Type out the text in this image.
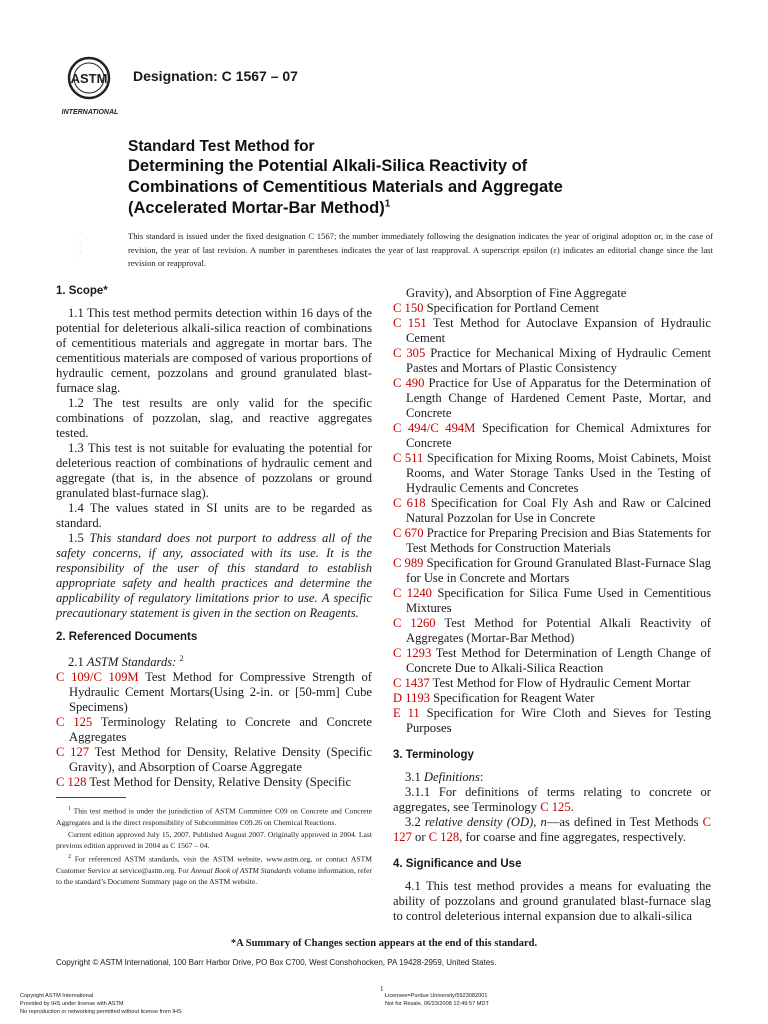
ASTM
INTERNATIONAL
Designation: C 1567 – 07
Standard Test Method for
Determining the Potential Alkali-Silica Reactivity of
Combinations of Cementitious Materials and Aggregate
(Accelerated Mortar-Bar Method)$^1$
· · · · · · ·
This standard is issued under the fixed designation C 1567; the number immediately following the designation indicates the year of original adoption or, in the case of revision, the year of last revision. A number in parentheses indicates the year of last reapproval. A superscript epsilon (ε) indicates an editorial change since the last revision or reapproval.

1. Scope*

1.1 This test method permits detection within 16 days of the potential for deleterious alkali-silica reaction of combinations of cementitious materials and aggregate in mortar bars. The cementitious materials are composed of various proportions of hydraulic cement, pozzolans and ground granulated blast-furnace slag.

1.2 The test results are only valid for the specific combinations of pozzolan, slag, and reactive aggregates tested.

1.3 This test is not suitable for evaluating the potential for deleterious reaction of combinations of hydraulic cement and aggregate (that is, in the absence of pozzolans or ground granulated blast-furnace slag).

1.4 The values stated in SI units are to be regarded as standard.

1.5 This standard does not purport to address all of the safety concerns, if any, associated with its use. It is the responsibility of the user of this standard to establish appropriate safety and health practices and determine the applicability of regulatory limitations prior to use. A specific precautionary statement is given in the section on Reagents.

2. Referenced Documents

2.1 ASTM Standards: $^2$

C 109/C 109M Test Method for Compressive Strength of Hydraulic Cement Mortars(Using 2-in. or [50-mm] Cube Specimens)

C 125 Terminology Relating to Concrete and Concrete Aggregates

C 127 Test Method for Density, Relative Density (Specific Gravity), and Absorption of Coarse Aggregate

C 128 Test Method for Density, Relative Density (Specific

$^1$ This test method is under the jurisdiction of ASTM Committee C09 on Concrete and Concrete Aggregates and is the direct responsibility of Subcommittee C09.26 on Chemical Reactions.

Current edition approved July 15, 2007. Published August 2007. Originally approved in 2004. Last previous edition approved in 2004 as C 1567 – 04.

$^2$ For referenced ASTM standards, visit the ASTM website, www.astm.org, or contact ASTM Customer Service at service@astm.org. For Annual Book of ASTM Standards volume information, refer to the standard’s Document Summary page on the ASTM website.

Gravity), and Absorption of Fine Aggregate

C 150 Specification for Portland Cement

C 151 Test Method for Autoclave Expansion of Hydraulic Cement

C 305 Practice for Mechanical Mixing of Hydraulic Cement Pastes and Mortars of Plastic Consistency

C 490 Practice for Use of Apparatus for the Determination of Length Change of Hardened Cement Paste, Mortar, and Concrete

C 494/C 494M Specification for Chemical Admixtures for Concrete

C 511 Specification for Mixing Rooms, Moist Cabinets, Moist Rooms, and Water Storage Tanks Used in the Testing of Hydraulic Cements and Concretes

C 618 Specification for Coal Fly Ash and Raw or Calcined Natural Pozzolan for Use in Concrete

C 670 Practice for Preparing Precision and Bias Statements for Test Methods for Construction Materials

C 989 Specification for Ground Granulated Blast-Furnace Slag for Use in Concrete and Mortars

C 1240 Specification for Silica Fume Used in Cementitious Mixtures

C 1260 Test Method for Potential Alkali Reactivity of Aggregates (Mortar-Bar Method)

C 1293 Test Method for Determination of Length Change of Concrete Due to Alkali-Silica Reaction

C 1437 Test Method for Flow of Hydraulic Cement Mortar

D 1193 Specification for Reagent Water

E 11 Specification for Wire Cloth and Sieves for Testing Purposes

3. Terminology

3.1 Definitions:

3.1.1 For definitions of terms relating to concrete or aggregates, see Terminology C 125.

3.2 relative density (OD), n—as defined in Test Methods C 127 or C 128, for coarse and fine aggregates, respectively.

4. Significance and Use

4.1 This test method provides a means for evaluating the ability of pozzolans and ground granulated blast-furnace slag to control deleterious internal expansion due to alkali-silica

*A Summary of Changes section appears at the end of this standard.
Copyright © ASTM International, 100 Barr Harbor Drive, PO Box C700, West Conshohocken, PA 19428-2959, United States.
1
Copyright ASTM International
Provided by IHS under license with ASTM
No reproduction or networking permitted without license from IHS
Licensee=Purdue University/5923082001
Not for Resale, 06/23/2008 12:49:57 MDT
